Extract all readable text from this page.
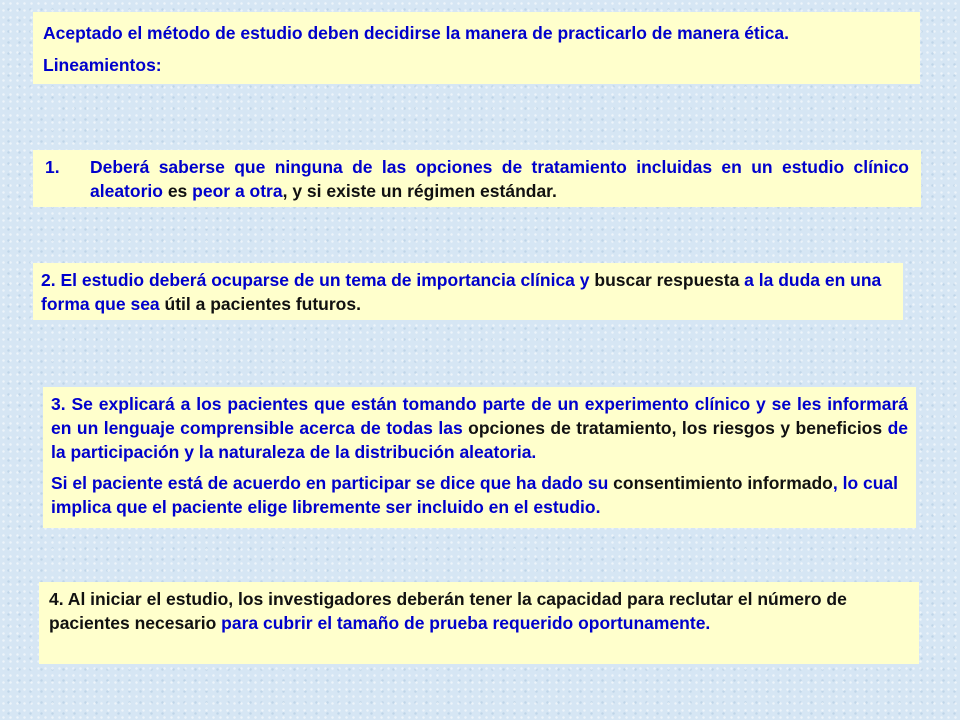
Aceptado el método de estudio deben decidirse la manera de practicarlo de manera ética.

Lineamientos:

1. Deberá saberse que ninguna de las opciones de tratamiento incluidas en un estudio clínico aleatorio es peor a otra, y si existe un régimen estándar.

2. El estudio deberá ocuparse de un tema de importancia clínica y buscar respuesta a la duda en una forma que sea útil a pacientes futuros.

3. Se explicará a los pacientes que están tomando parte de un experimento clínico y se les informará en un lenguaje comprensible acerca de todas las opciones de tratamiento, los riesgos y beneficios de la participación y la naturaleza de la distribución aleatoria.

Si el paciente está de acuerdo en participar se dice que ha dado su consentimiento informado, lo cual implica que el paciente elige libremente ser incluido en el estudio.

4. Al iniciar el estudio, los investigadores deberán tener la capacidad para reclutar el número de pacientes necesario para cubrir el tamaño de prueba requerido oportunamente.
